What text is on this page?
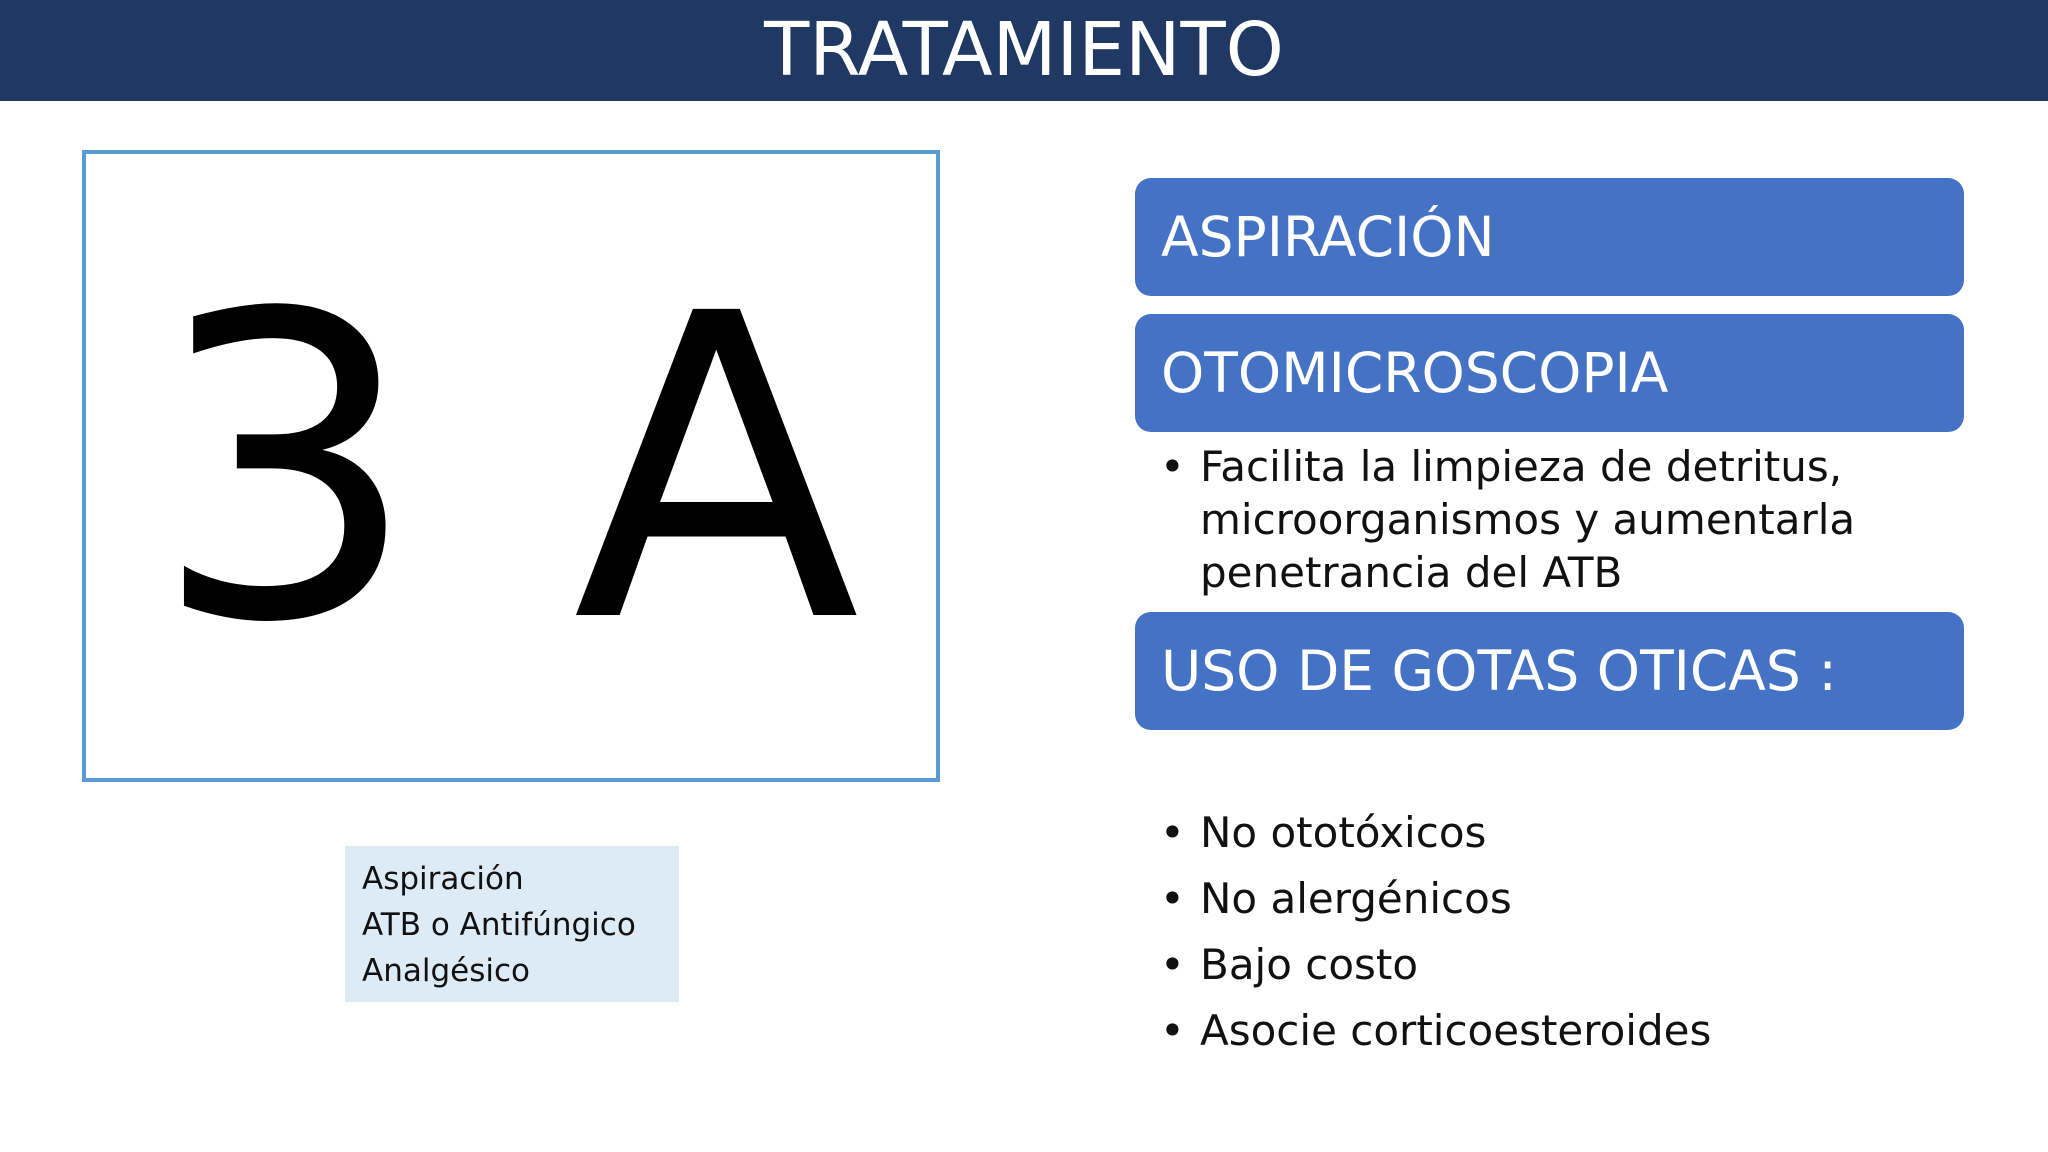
TRATAMIENTO
3 A
Aspiración
ATB o Antifúngico
Analgésico
ASPIRACIÓN
OTOMICROSCOPIA
• Facilita la limpieza de detritus,
microorganismos y aumentarla
penetrancia del ATB
USO DE GOTAS OTICAS :
• No ototóxicos
• No alergénicos
• Bajo costo
• Asocie corticoesteroides
